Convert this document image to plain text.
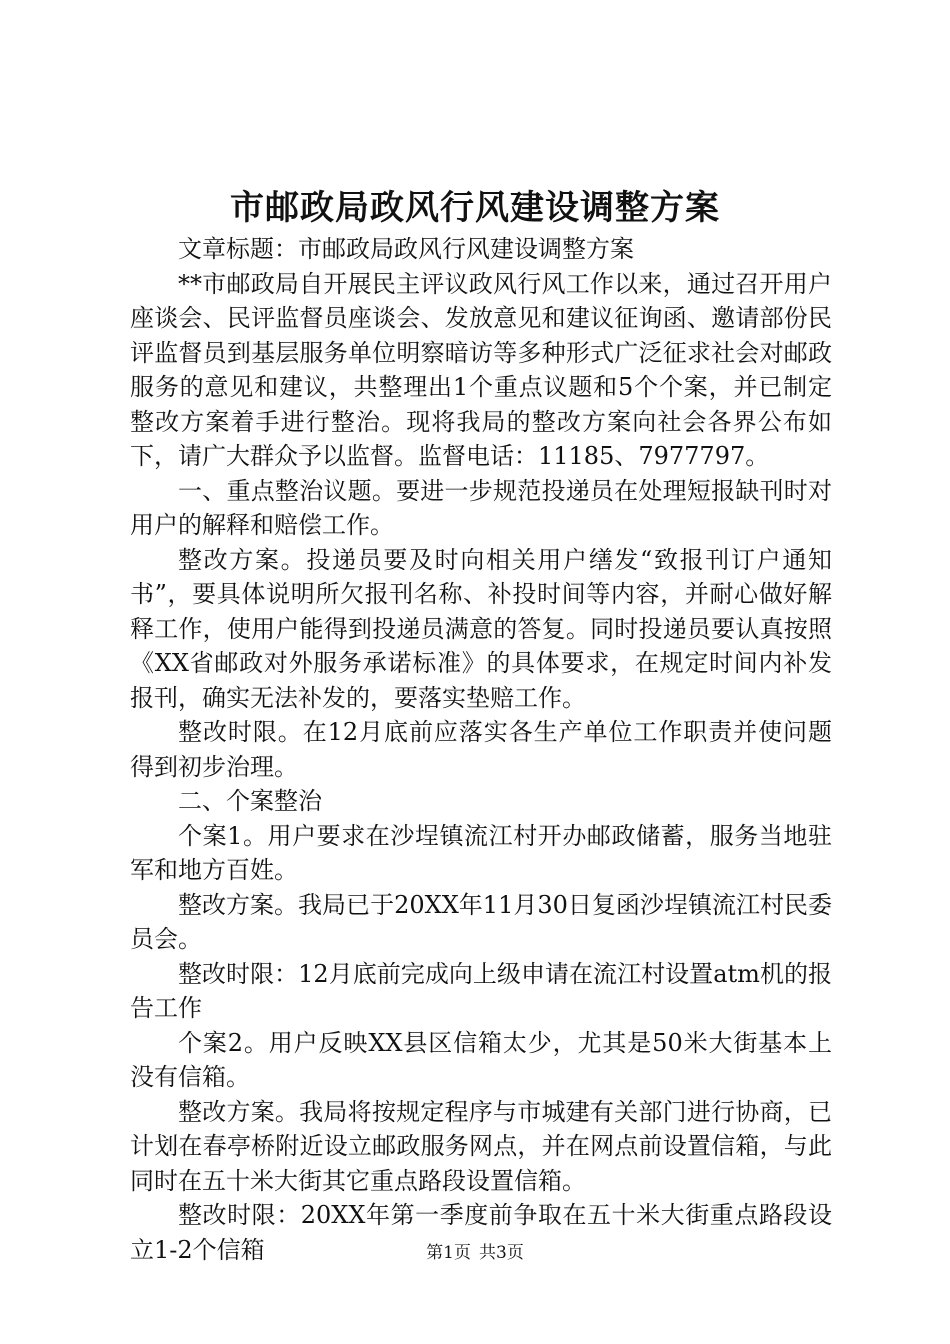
市邮政局政风行风建设调整方案

文章标题：市邮政局政风行风建设调整方案

**市邮政局自开展民主评议政风行风工作以来，通过召开用户座谈会、民评监督员座谈会、发放意见和建议征询函、邀请部份民评监督员到基层服务单位明察暗访等多种形式广泛征求社会对邮政服务的意见和建议，共整理出1个重点议题和5个个案，并已制定整改方案着手进行整治。现将我局的整改方案向社会各界公布如下，请广大群众予以监督。监督电话：11185、7977797。

一、重点整治议题。要进一步规范投递员在处理短报缺刊时对用户的解释和赔偿工作。

整改方案。投递员要及时向相关用户缮发“致报刊订户通知书”，要具体说明所欠报刊名称、补投时间等内容，并耐心做好解释工作，使用户能得到投递员满意的答复。同时投递员要认真按照《XX省邮政对外服务承诺标准》的具体要求，在规定时间内补发报刊，确实无法补发的，要落实垫赔工作。

整改时限。在12月底前应落实各生产单位工作职责并使问题得到初步治理。

二、个案整治

个案1。用户要求在沙埕镇流江村开办邮政储蓄，服务当地驻军和地方百姓。

整改方案。我局已于20XX年11月30日复函沙埕镇流江村民委员会。

整改时限：12月底前完成向上级申请在流江村设置atm机的报告工作

个案2。用户反映XX县区信箱太少，尤其是50米大街基本上没有信箱。

整改方案。我局将按规定程序与市城建有关部门进行协商，已计划在春亭桥附近设立邮政服务网点，并在网点前设置信箱，与此同时在五十米大街其它重点路段设置信箱。

整改时限：20XX年第一季度前争取在五十米大街重点路段设立1-2个信箱	第1页 共3页
